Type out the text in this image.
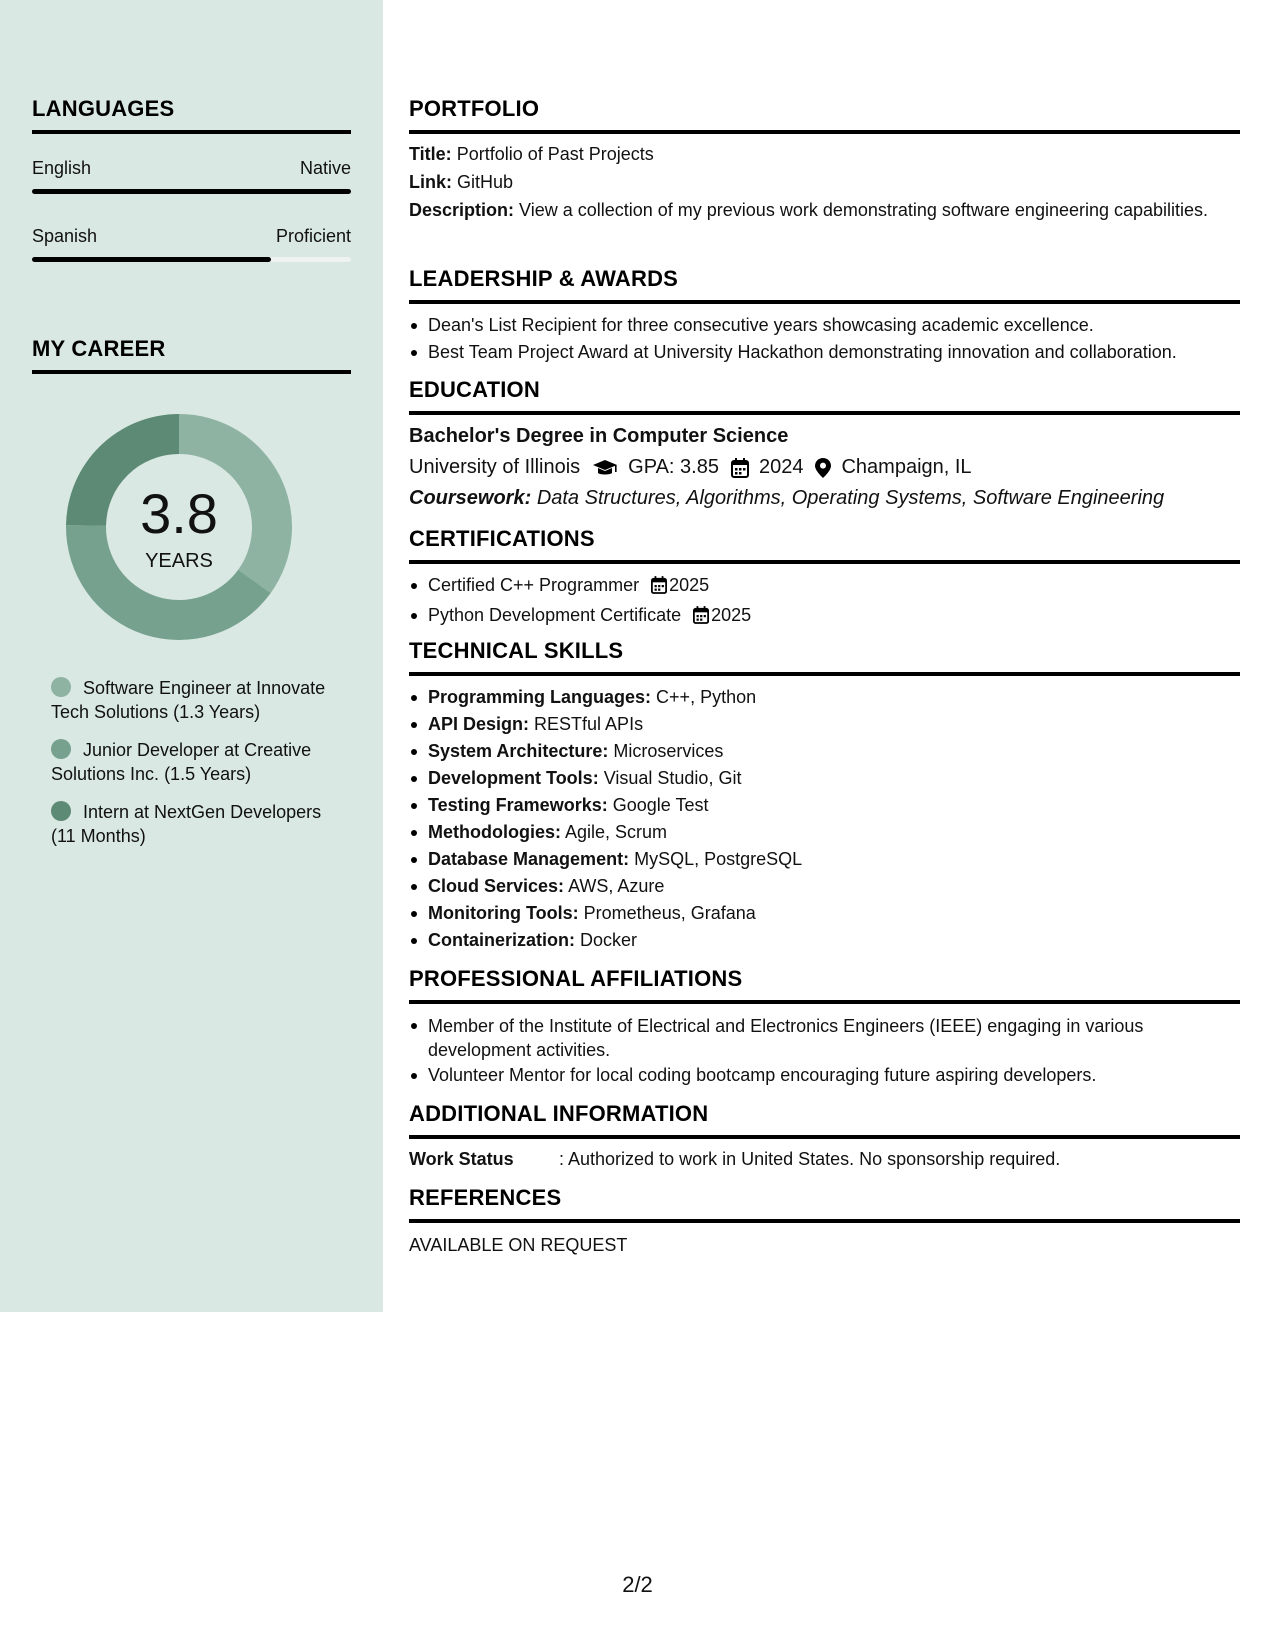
LANGUAGES
English	Native
Spanish	Proficient
MY CAREER
3.8
YEARS
Software Engineer at Innovate Tech Solutions (1.3 Years)
Junior Developer at Creative Solutions Inc. (1.5 Years)
Intern at NextGen Developers (11 Months)
PORTFOLIO
Title: Portfolio of Past Projects
Link: GitHub
Description: View a collection of my previous work demonstrating software engineering capabilities.
LEADERSHIP & AWARDS
Dean's List Recipient for three consecutive years showcasing academic excellence.
Best Team Project Award at University Hackathon demonstrating innovation and collaboration.
EDUCATION
Bachelor's Degree in Computer Science
University of Illinois GPA: 3.85 2024 Champaign, IL
Coursework: Data Structures, Algorithms, Operating Systems, Software Engineering
CERTIFICATIONS
Certified C++ Programmer 2025
Python Development Certificate 2025
TECHNICAL SKILLS
Programming Languages: C++, Python
API Design: RESTful APIs
System Architecture: Microservices
Development Tools: Visual Studio, Git
Testing Frameworks: Google Test
Methodologies: Agile, Scrum
Database Management: MySQL, PostgreSQL
Cloud Services: AWS, Azure
Monitoring Tools: Prometheus, Grafana
Containerization: Docker
PROFESSIONAL AFFILIATIONS
Member of the Institute of Electrical and Electronics Engineers (IEEE) engaging in various development activities.
Volunteer Mentor for local coding bootcamp encouraging future aspiring developers.
ADDITIONAL INFORMATION
Work Status	: Authorized to work in United States. No sponsorship required.
REFERENCES
AVAILABLE ON REQUEST
2/2
